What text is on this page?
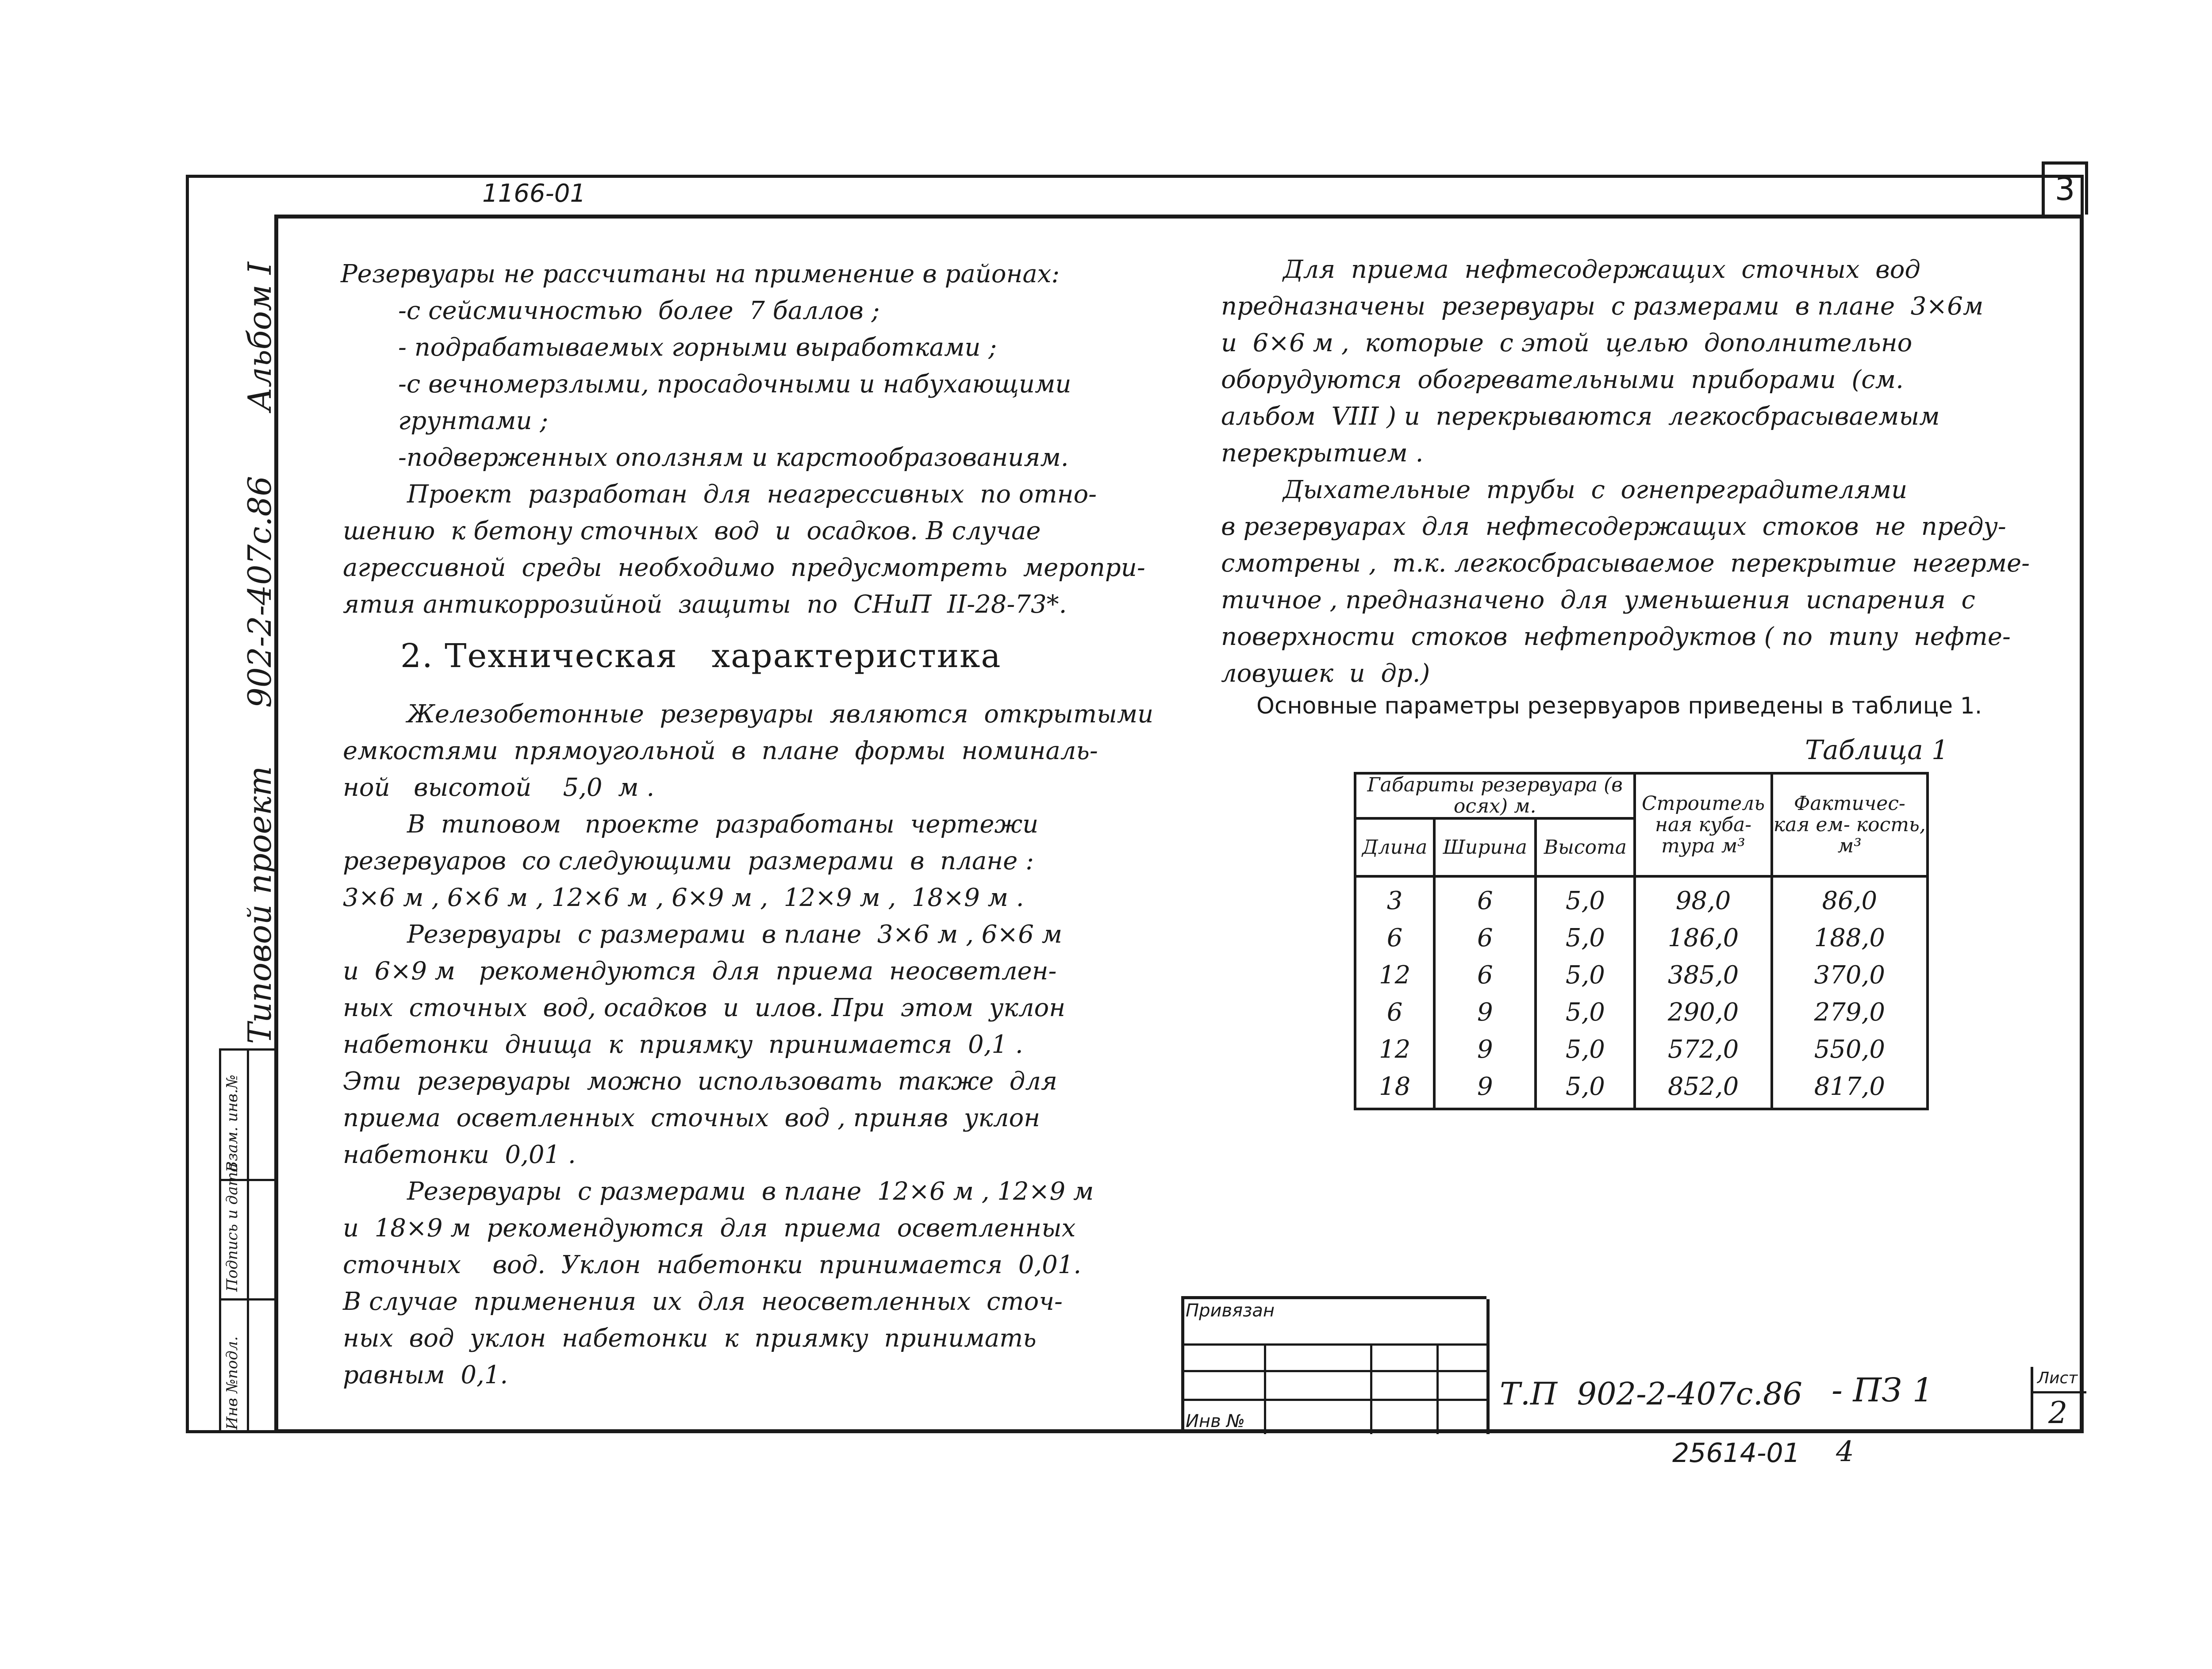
3
1166-01
Типовой проект
902-2-407с.86
Альбом I
Инв №подл.
Подпись и дата
Взам. инв.№
Резервуары не рассчитаны на применение в районах:
-с сейсмичностью  более  7 баллов ;
- подрабатываемых горными выработками ;
-с вечномерзлыми, просадочными и набухающими
грунтами ;
-подверженных оползням и карстообразованиям.
Проект  разработан  для  неагрессивных  по отно-
шению  к бетону сточных  вод  и  осадков. В случае
агрессивной  среды  необходимо  предусмотреть  меропри-
ятия антикоррозийной  защиты  по  СНиП  II-28-73*.
2. Техническая   характеристика
Железобетонные  резервуары  являются  открытыми
емкостями  прямоугольной  в  плане  формы  номиналь-
ной   высотой    5,0  м .
В  типовом   проекте  разработаны  чертежи
резервуаров  со следующими  размерами  в  плане :
3×6 м , 6×6 м , 12×6 м , 6×9 м ,  12×9 м ,  18×9 м .
Резервуары  с размерами  в плане  3×6 м , 6×6 м
и  6×9 м   рекомендуются  для  приема  неосветлен-
ных  сточных  вод, осадков  и  илов. При  этом  уклон
набетонки  днища  к  приямку  принимается  0,1 .
Эти  резервуары  можно  использовать  также  для
приема  осветленных  сточных  вод , приняв  уклон
набетонки  0,01 .
Резервуары  с размерами  в плане  12×6 м , 12×9 м
и  18×9 м  рекомендуются  для  приема  осветленных
сточных    вод.  Уклон  набетонки  принимается  0,01.
В случае  применения  их  для  неосветленных  сточ-
ных  вод  уклон  набетонки  к  приямку  принимать
равным  0,1.
Для  приема  нефтесодержащих  сточных  вод
предназначены  резервуары  с размерами  в плане  3×6м
и  6×6 м ,  которые  с этой  целью  дополнительно
оборудуются  обогревательными  приборами  (см.
альбом  VIII ) и  перекрываются  легкосбрасываемым
перекрытием .
Дыхательные  трубы  с  огнепреградителями
в резервуарах  для  нефтесодержащих  стоков  не  преду-
смотрены ,  т.к. легкосбрасываемое  перекрытие  негерме-
тичное , предназначено  для  уменьшения  испарения  с
поверхности  стоков  нефтепродуктов ( по  типу  нефте-
ловушек  и  др.)
Основные параметры резервуаров приведены в таблице 1.
Таблица 1
Габариты резервуара (в осях) м.			Строитель ная куба- тура м³	Фактичес- кая ем- кость, м³
Длина	Ширина	Высота		
3	6	5,0	98,0	86,0
6	6	5,0	186,0	188,0
12	6	5,0	385,0	370,0
6	9	5,0	290,0	279,0
12	9	5,0	572,0	550,0
18	9	5,0	852,0	817,0
Привязан
Инв №
Т.П  902-2-407с.86 - ПЗ 1	Лист
2
25614-01 4
